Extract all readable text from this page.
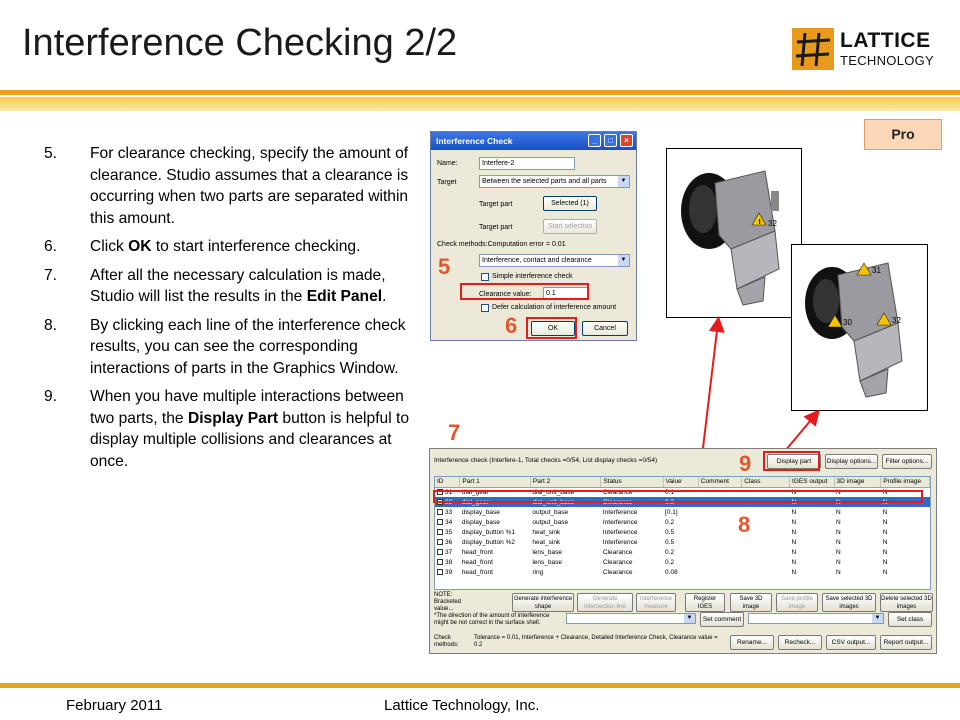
Interference Checking 2/2	LATTICE
TECHNOLOGY
Pro
5. For clearance checking, specify the amount of clearance. Studio assumes that a clearance is occurring when two parts are separated within this amount.
6. Click OK to start interference checking.
7. After all the necessary calculation is made, Studio will list the results in the Edit Panel.
8. By clicking each line of the interference check results, you can see the corresponding interactions of parts in the Graphics Window.
9. When you have multiple interactions between two parts, the Display Part button is helpful to display multiple collisions and clearances at once.
Interference Check	_	□	×
Name:	Interfere-2
Target	Between the selected parts and all parts	▼
Target part	Selected (1)
Target part	Start selection
Check methods:Computation error = 0.01
Interference, contact and clearance	▼
Simple interference check
Clearance value:	0.1
Defer calculation of interference amount
OK	Cancel
5
6
! 32
31
30	32
Interference check (Interfere-1, Total checks =0/54, List display checks =0/54)	Display part	Display options...	Filter options...
ID	Part 1	Part 2	Status	Value	Comment	Class	IGES output	3D image	Profile image
31	dial_gear	dial_unit_base	Clearance	0.1			N	N	N
32	dial_gear	dial_unit_base	Clearance	0.2			N	N	N
33	display_base	output_base	Interference	[0.1]			N	N	N
34	display_base	output_base	Interference	0.2			N	N	N
35	display_button %1	heat_sink	Interference	0.5			N	N	N
36	display_button %2	heat_sink	Interference	0.5			N	N	N
37	head_front	lens_base	Clearance	0.2			N	N	N
38	head_front	lens_base	Clearance	0.2			N	N	N
39	head_front	ring	Clearance	0.08			N	N	N
NOTE: Bracketed value...
Generate interference shape
Generate intersection line
Interference measure
Register IGES
Save 3D image
Save profile image
Save selected 3D images
Delete selected 3D images
*The direction of the amount of interference might be not correct in the surface shell.
▼	Set comment	▼	Set class
Check methods:
Tolerance = 0.01, Interference + Clearance, Detailed Interference Check, Clearance value = 0.2	Rename...	Recheck...	CSV output...	Report output...
7
8
9
February 2011	Lattice Technology, Inc.
